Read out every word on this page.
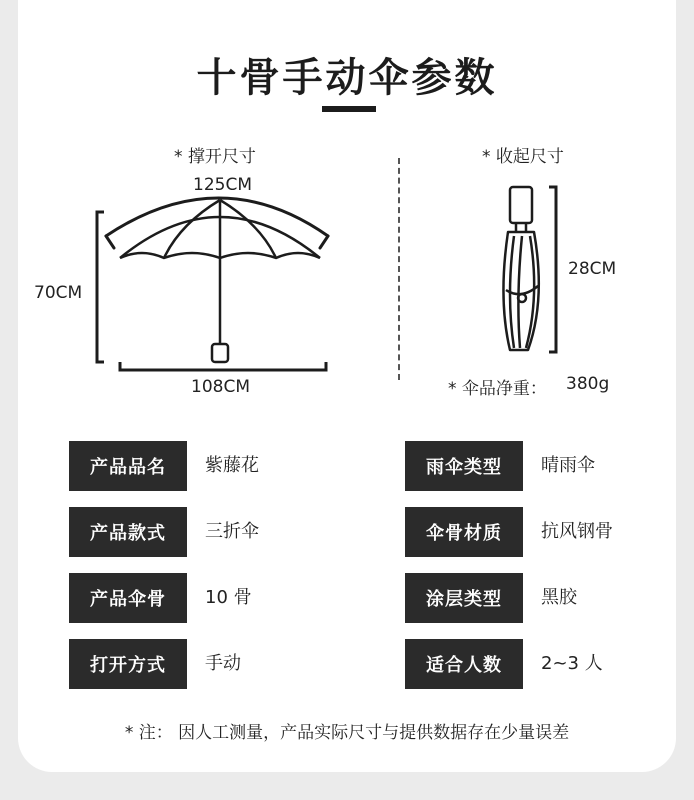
十骨手动伞参数
* 撑开尺寸
125CM
70CM
108CM
* 收起尺寸
28CM
* 伞品净重： 380g
产品品名	紫藤花	雨伞类型	晴雨伞
产品款式	三折伞	伞骨材质	抗风钢骨
产品伞骨	10 骨	涂层类型	黑胶
打开方式	手动	适合人数	2~3 人
* 注： 因人工测量，产品实际尺寸与提供数据存在少量误差
